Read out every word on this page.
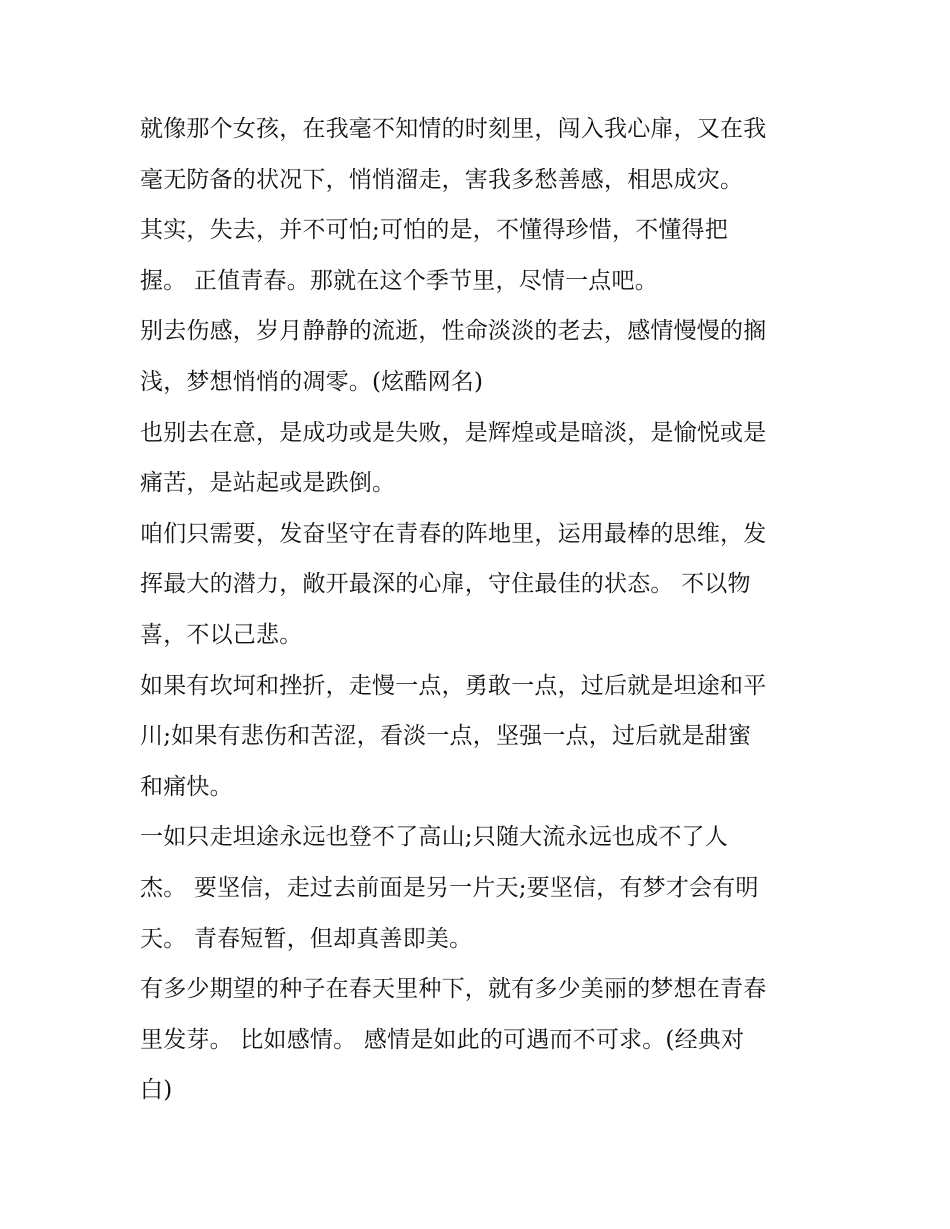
就像那个女孩，在我毫不知情的时刻里，闯入我心扉，又在我
毫无防备的状况下，悄悄溜走，害我多愁善感，相思成灾。
其实，失去，并不可怕;可怕的是，不懂得珍惜，不懂得把
握。 正值青春。那就在这个季节里，尽情一点吧。
别去伤感，岁月静静的流逝，性命淡淡的老去，感情慢慢的搁
浅，梦想悄悄的凋零。(炫酷网名)
也别去在意，是成功或是失败，是辉煌或是暗淡，是愉悦或是
痛苦，是站起或是跌倒。
咱们只需要，发奋坚守在青春的阵地里，运用最棒的思维，发
挥最大的潜力，敞开最深的心扉，守住最佳的状态。 不以物
喜，不以己悲。
如果有坎坷和挫折，走慢一点，勇敢一点，过后就是坦途和平
川;如果有悲伤和苦涩，看淡一点，坚强一点，过后就是甜蜜
和痛快。
一如只走坦途永远也登不了高山;只随大流永远也成不了人
杰。 要坚信，走过去前面是另一片天;要坚信，有梦才会有明
天。 青春短暂，但却真善即美。
有多少期望的种子在春天里种下，就有多少美丽的梦想在青春
里发芽。 比如感情。 感情是如此的可遇而不可求。(经典对
白)
